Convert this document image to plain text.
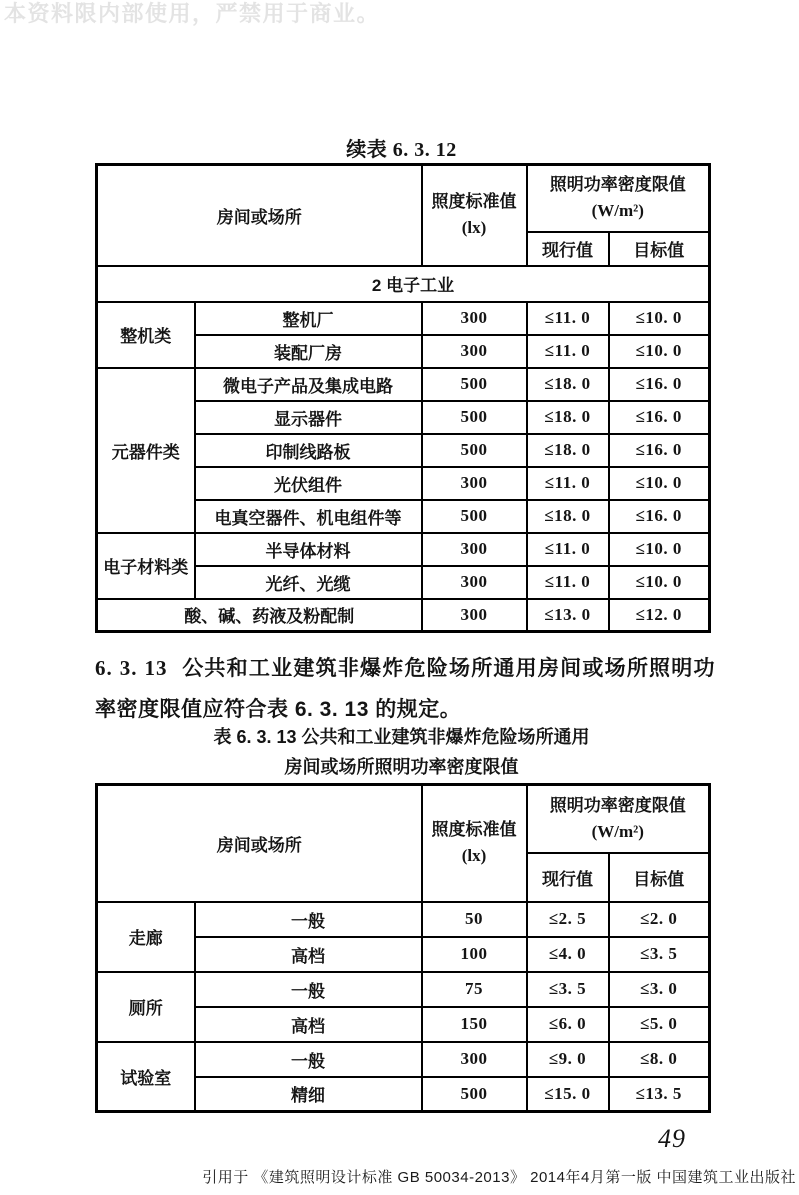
本资料限内部使用，严禁用于商业。
续表 6. 3. 12
房间或场所	
照度标准值
(lx)

照明功率密度限值
(W/m²)

			现行值	目标值
2 电子工业				
整机类	整机厂	300	≤11. 0	≤10. 0
	装配厂房	300	≤11. 0	≤10. 0
元器件类	微电子产品及集成电路	500	≤18. 0	≤16. 0
	显示器件	500	≤18. 0	≤16. 0
	印制线路板	500	≤18. 0	≤16. 0
	光伏组件	300	≤11. 0	≤10. 0
	电真空器件、机电组件等	500	≤18. 0	≤16. 0
电子材料类	半导体材料	300	≤11. 0	≤10. 0
	光纤、光缆	300	≤11. 0	≤10. 0
酸、碱、药液及粉配制		300	≤13. 0	≤12. 0
6. 3. 13 公共和工业建筑非爆炸危险场所通用房间或场所照明功率密度限值应符合表 6. 3. 13 的规定。
表 6. 3. 13 公共和工业建筑非爆炸危险场所通用
房间或场所照明功率密度限值
房间或场所	
照度标准值
(lx)

照明功率密度限值
(W/m²)

			现行值	目标值
走廊	一般	50	≤2. 5	≤2. 0
	高档	100	≤4. 0	≤3. 5
厕所	一般	75	≤3. 5	≤3. 0
	高档	150	≤6. 0	≤5. 0
试验室	一般	300	≤9. 0	≤8. 0
	精细	500	≤15. 0	≤13. 5
49
引用于 《建筑照明设计标准 GB 50034-2013》 2014年4月第一版 中国建筑工业出版社
